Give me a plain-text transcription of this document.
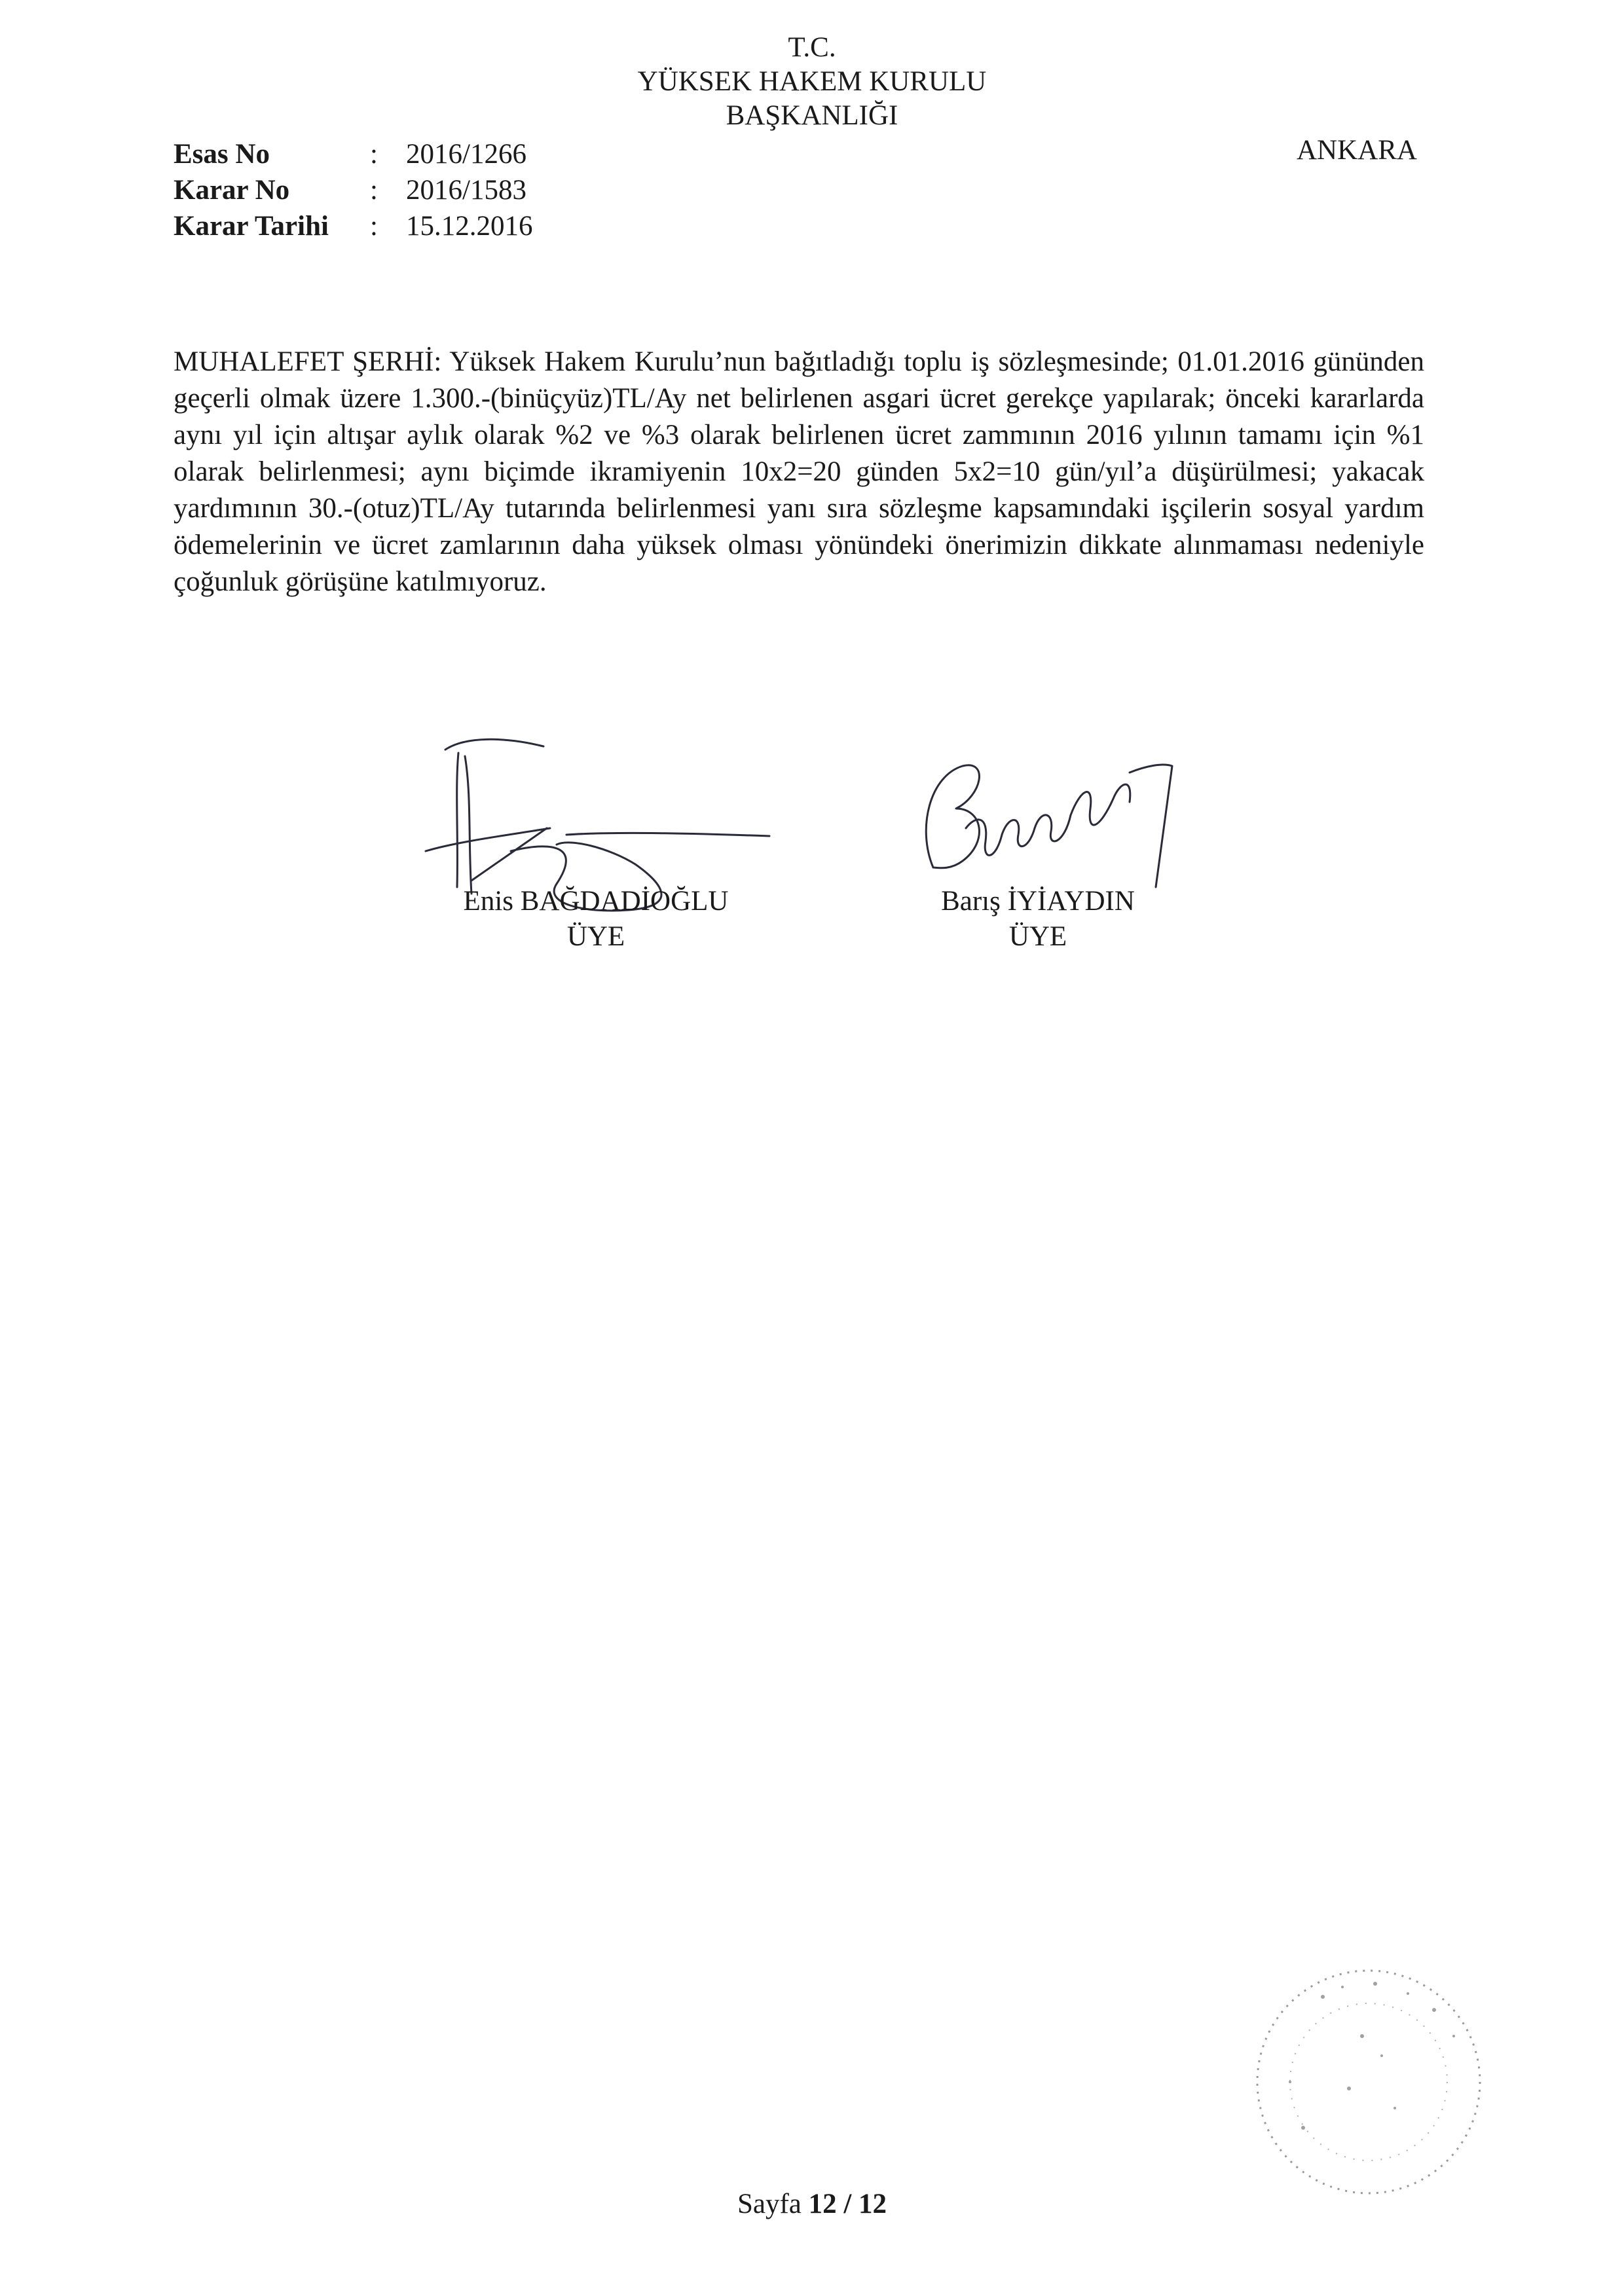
T.C.
YÜKSEK HAKEM KURULU
BAŞKANLIĞI
Esas No	:	2016/1266
Karar No	:	2016/1583
Karar Tarihi	:	15.12.2016
ANKARA
MUHALEFET ŞERHİ: Yüksek Hakem Kurulu’nun bağıtladığı toplu iş sözleşmesinde; 01.01.2016 gününden geçerli olmak üzere 1.300.-(binüçyüz)TL/Ay net belirlenen asgari ücret gerekçe yapılarak; önceki kararlarda aynı yıl için altışar aylık olarak %2 ve %3 olarak belirlenen ücret zammının 2016 yılının tamamı için %1 olarak belirlenmesi; aynı biçimde ikramiyenin 10x2=20 günden 5x2=10 gün/yıl’a düşürülmesi; yakacak yardımının 30.-(otuz)TL/Ay tutarında belirlenmesi yanı sıra sözleşme kapsamındaki işçilerin sosyal yardım ödemelerinin ve ücret zamlarının daha yüksek olması yönündeki önerimizin dikkate alınmaması nedeniyle çoğunluk görüşüne katılmıyoruz.
Enis BAĞDADİOĞLU
ÜYE
Barış İYİAYDIN
ÜYE
Sayfa 12 / 12
